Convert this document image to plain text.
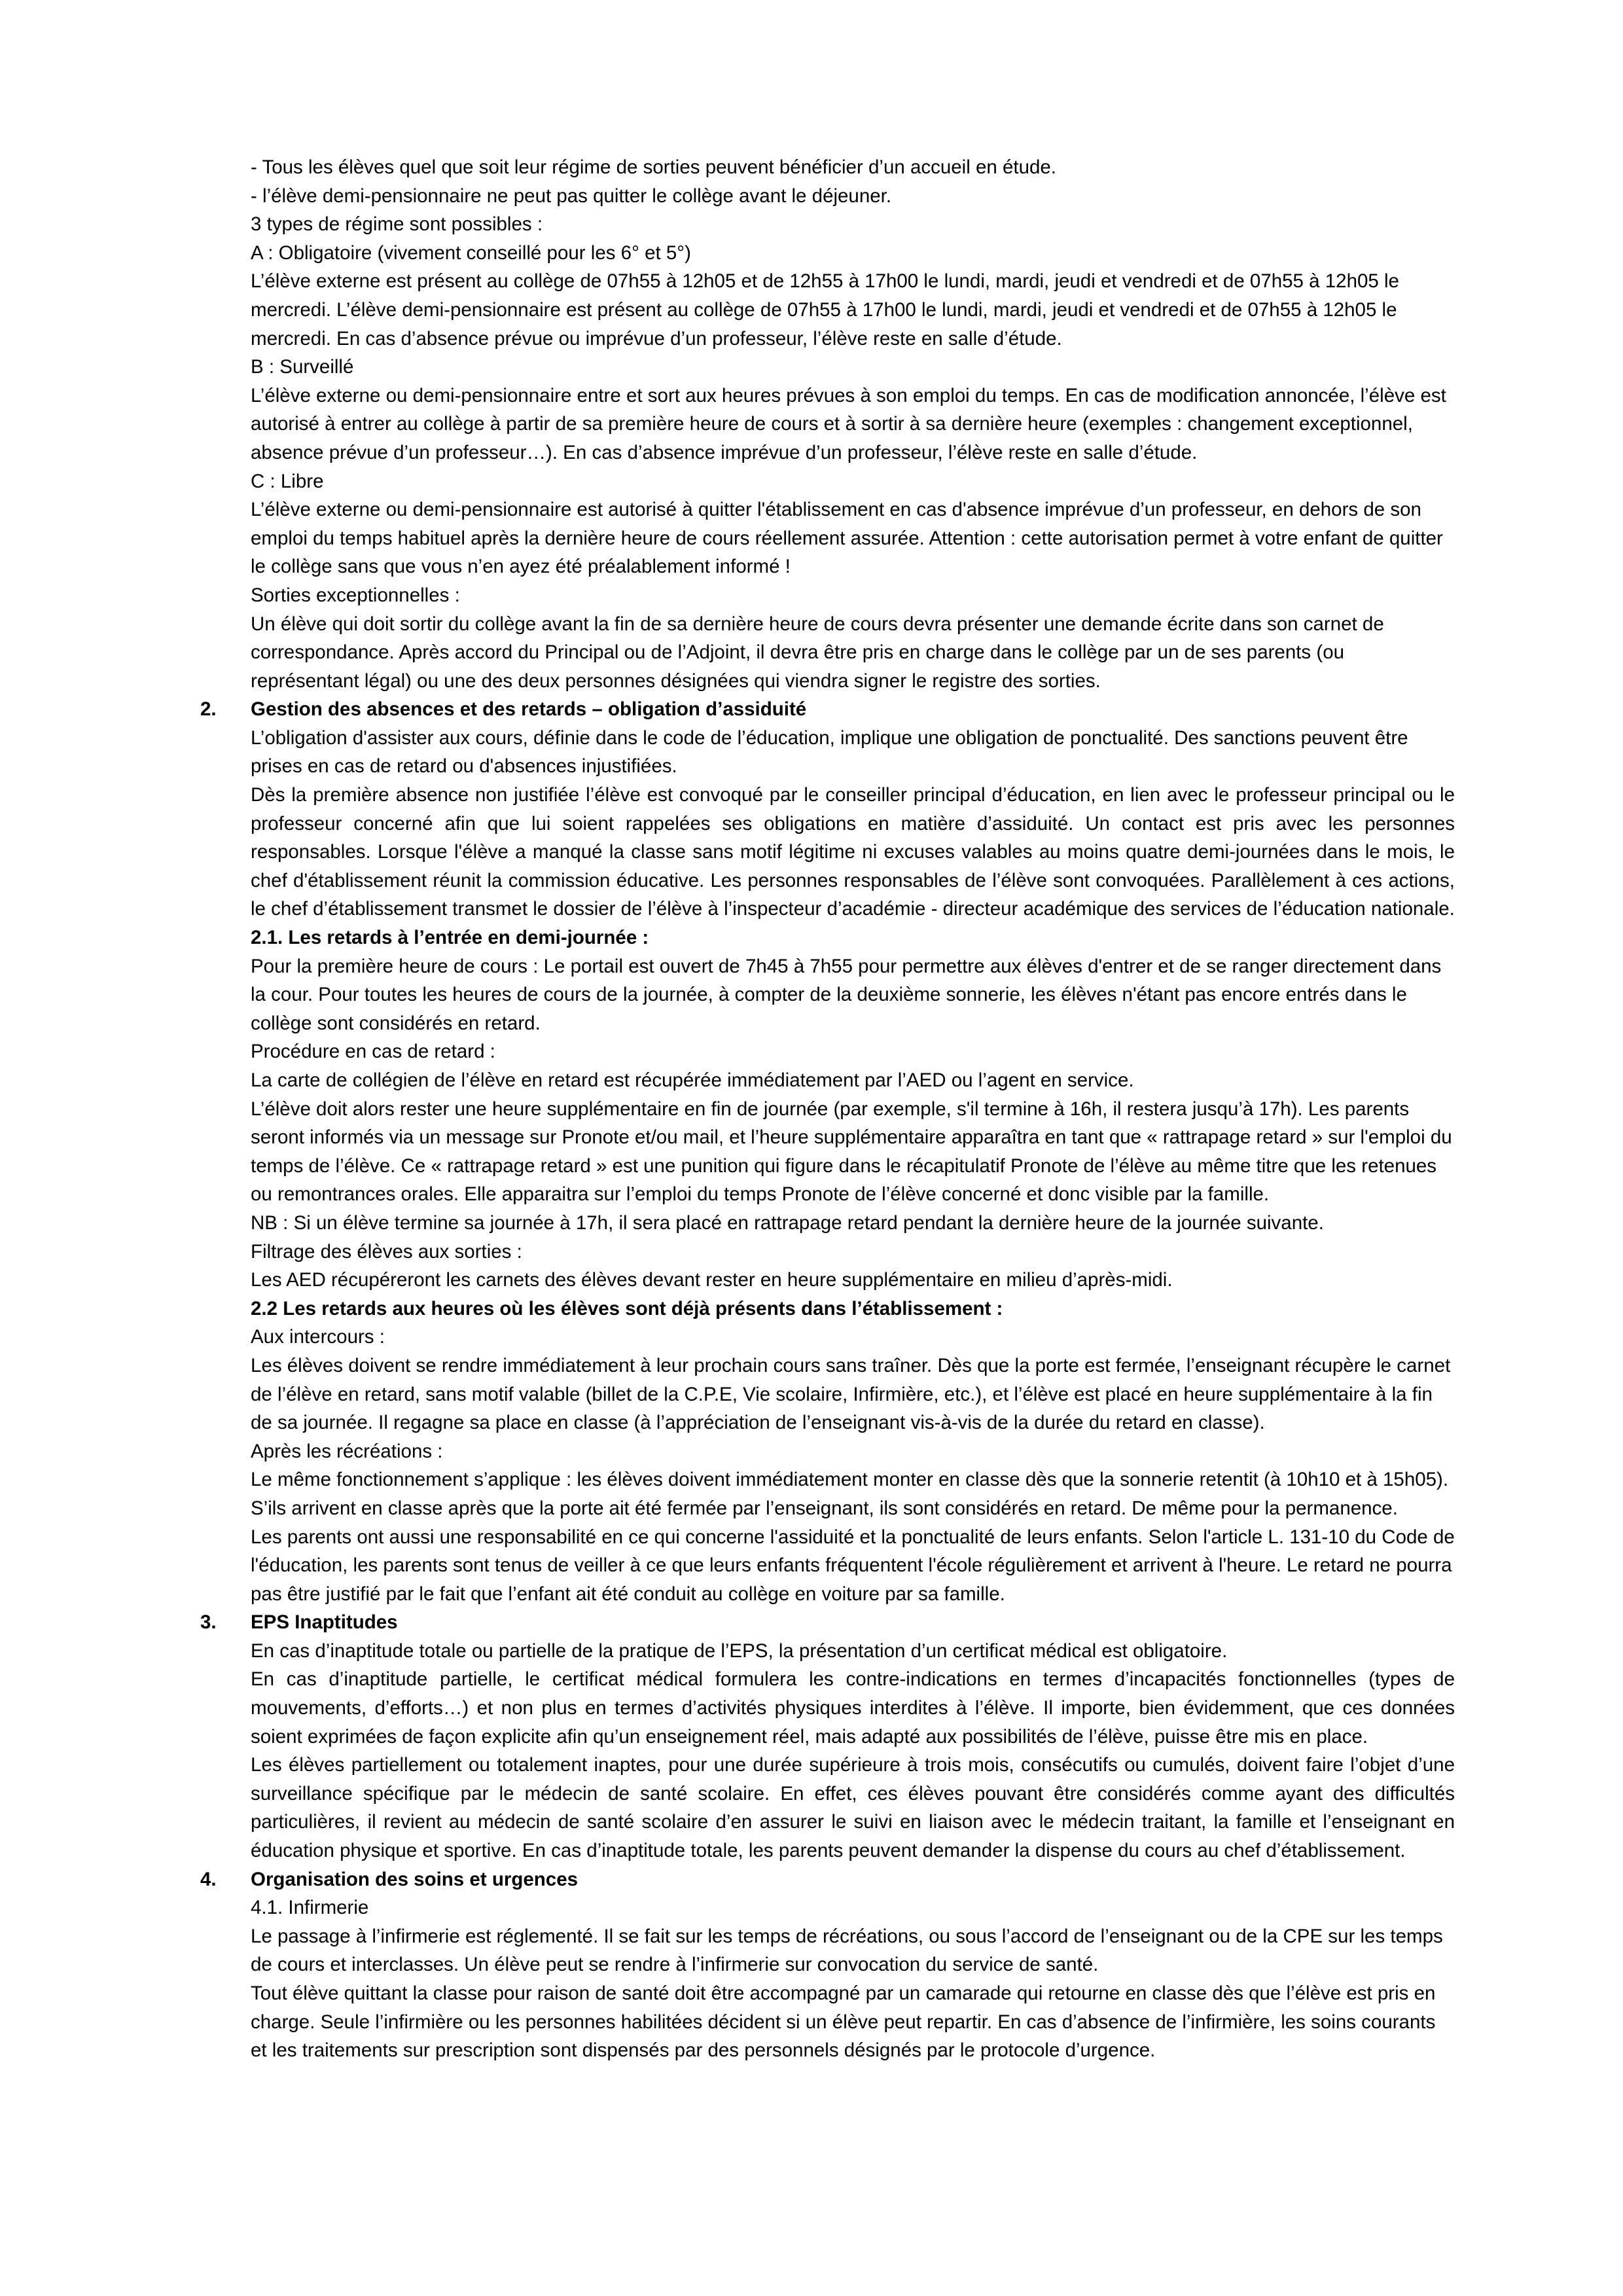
- Tous les élèves quel que soit leur régime de sorties peuvent bénéficier d’un accueil en étude.

- l’élève demi-pensionnaire ne peut pas quitter le collège avant le déjeuner.

3 types de régime sont possibles :

A : Obligatoire (vivement conseillé pour les 6° et 5°)

L’élève externe est présent au collège de 07h55 à 12h05 et de 12h55 à 17h00 le lundi, mardi, jeudi et vendredi et de 07h55 à 12h05 le mercredi. L’élève demi-pensionnaire est présent au collège de 07h55 à 17h00 le lundi, mardi, jeudi et vendredi et de 07h55 à 12h05 le mercredi. En cas d’absence prévue ou imprévue d’un professeur, l’élève reste en salle d’étude.

B : Surveillé

L’élève externe ou demi-pensionnaire entre et sort aux heures prévues à son emploi du temps. En cas de modification annoncée, l’élève est autorisé à entrer au collège à partir de sa première heure de cours et à sortir à sa dernière heure (exemples : changement exceptionnel, absence prévue d’un professeur…). En cas d’absence imprévue d’un professeur, l’élève reste en salle d’étude.

C : Libre

L’élève externe ou demi-pensionnaire est autorisé à quitter l'établissement en cas d'absence imprévue d’un professeur, en dehors de son emploi du temps habituel après la dernière heure de cours réellement assurée. Attention : cette autorisation permet à votre enfant de quitter le collège sans que vous n’en ayez été préalablement informé !

Sorties exceptionnelles :

Un élève qui doit sortir du collège avant la fin de sa dernière heure de cours devra présenter une demande écrite dans son carnet de correspondance. Après accord du Principal ou de l’Adjoint, il devra être pris en charge dans le collège par un de ses parents (ou représentant légal) ou une des deux personnes désignées qui viendra signer le registre des sorties.

2. Gestion des absences et des retards – obligation d’assiduité

L’obligation d'assister aux cours, définie dans le code de l’éducation, implique une obligation de ponctualité. Des sanctions peuvent être prises en cas de retard ou d'absences injustifiées.

Dès la première absence non justifiée l’élève est convoqué par le conseiller principal d’éducation, en lien avec le professeur principal ou le professeur concerné afin que lui soient rappelées ses obligations en matière d’assiduité. Un contact est pris avec les personnes responsables. Lorsque l'élève a manqué la classe sans motif légitime ni excuses valables au moins quatre demi-journées dans le mois, le chef d'établissement réunit la commission éducative. Les personnes responsables de l’élève sont convoquées. Parallèlement à ces actions, le chef d’établissement transmet le dossier de l’élève à l’inspecteur d’académie - directeur académique des services de l’éducation nationale.

2.1. Les retards à l’entrée en demi-journée :

Pour la première heure de cours : Le portail est ouvert de 7h45 à 7h55 pour permettre aux élèves d'entrer et de se ranger directement dans la cour. Pour toutes les heures de cours de la journée, à compter de la deuxième sonnerie, les élèves n'étant pas encore entrés dans le collège sont considérés en retard.

Procédure en cas de retard :

La carte de collégien de l’élève en retard est récupérée immédiatement par l’AED ou l’agent en service.

L’élève doit alors rester une heure supplémentaire en fin de journée (par exemple, s'il termine à 16h, il restera jusqu’à 17h). Les parents seront informés via un message sur Pronote et/ou mail, et l’heure supplémentaire apparaîtra en tant que « rattrapage retard » sur l'emploi du temps de l’élève. Ce « rattrapage retard » est une punition qui figure dans le récapitulatif Pronote de l’élève au même titre que les retenues ou remontrances orales. Elle apparaitra sur l’emploi du temps Pronote de l’élève concerné et donc visible par la famille.

NB : Si un élève termine sa journée à 17h, il sera placé en rattrapage retard pendant la dernière heure de la journée suivante.

Filtrage des élèves aux sorties :

Les AED récupéreront les carnets des élèves devant rester en heure supplémentaire en milieu d’après-midi.

2.2 Les retards aux heures où les élèves sont déjà présents dans l’établissement :

Aux intercours :

Les élèves doivent se rendre immédiatement à leur prochain cours sans traîner. Dès que la porte est fermée, l’enseignant récupère le carnet de l’élève en retard, sans motif valable (billet de la C.P.E, Vie scolaire, Infirmière, etc.), et l’élève est placé en heure supplémentaire à la fin de sa journée. Il regagne sa place en classe (à l’appréciation de l’enseignant vis-à-vis de la durée du retard en classe).

Après les récréations :

Le même fonctionnement s’applique : les élèves doivent immédiatement monter en classe dès que la sonnerie retentit (à 10h10 et à 15h05). S’ils arrivent en classe après que la porte ait été fermée par l’enseignant, ils sont considérés en retard. De même pour la permanence.

Les parents ont aussi une responsabilité en ce qui concerne l'assiduité et la ponctualité de leurs enfants. Selon l'article L. 131-10 du Code de l'éducation, les parents sont tenus de veiller à ce que leurs enfants fréquentent l'école régulièrement et arrivent à l'heure. Le retard ne pourra pas être justifié par le fait que l’enfant ait été conduit au collège en voiture par sa famille.

3. EPS Inaptitudes

En cas d’inaptitude totale ou partielle de la pratique de l’EPS, la présentation d’un certificat médical est obligatoire.

En cas d’inaptitude partielle, le certificat médical formulera les contre-indications en termes d’incapacités fonctionnelles (types de mouvements, d’efforts…) et non plus en termes d’activités physiques interdites à l’élève. Il importe, bien évidemment, que ces données soient exprimées de façon explicite afin qu’un enseignement réel, mais adapté aux possibilités de l’élève, puisse être mis en place.

Les élèves partiellement ou totalement inaptes, pour une durée supérieure à trois mois, consécutifs ou cumulés, doivent faire l’objet d’une surveillance spécifique par le médecin de santé scolaire. En effet, ces élèves pouvant être considérés comme ayant des difficultés particulières, il revient au médecin de santé scolaire d’en assurer le suivi en liaison avec le médecin traitant, la famille et l’enseignant en éducation physique et sportive. En cas d’inaptitude totale, les parents peuvent demander la dispense du cours au chef d’établissement.

4. Organisation des soins et urgences

4.1. Infirmerie

Le passage à l’infirmerie est réglementé. Il se fait sur les temps de récréations, ou sous l’accord de l’enseignant ou de la CPE sur les temps de cours et interclasses. Un élève peut se rendre à l’infirmerie sur convocation du service de santé.

Tout élève quittant la classe pour raison de santé doit être accompagné par un camarade qui retourne en classe dès que l’élève est pris en charge. Seule l’infirmière ou les personnes habilitées décident si un élève peut repartir. En cas d’absence de l’infirmière, les soins courants et les traitements sur prescription sont dispensés par des personnels désignés par le protocole d’urgence.
